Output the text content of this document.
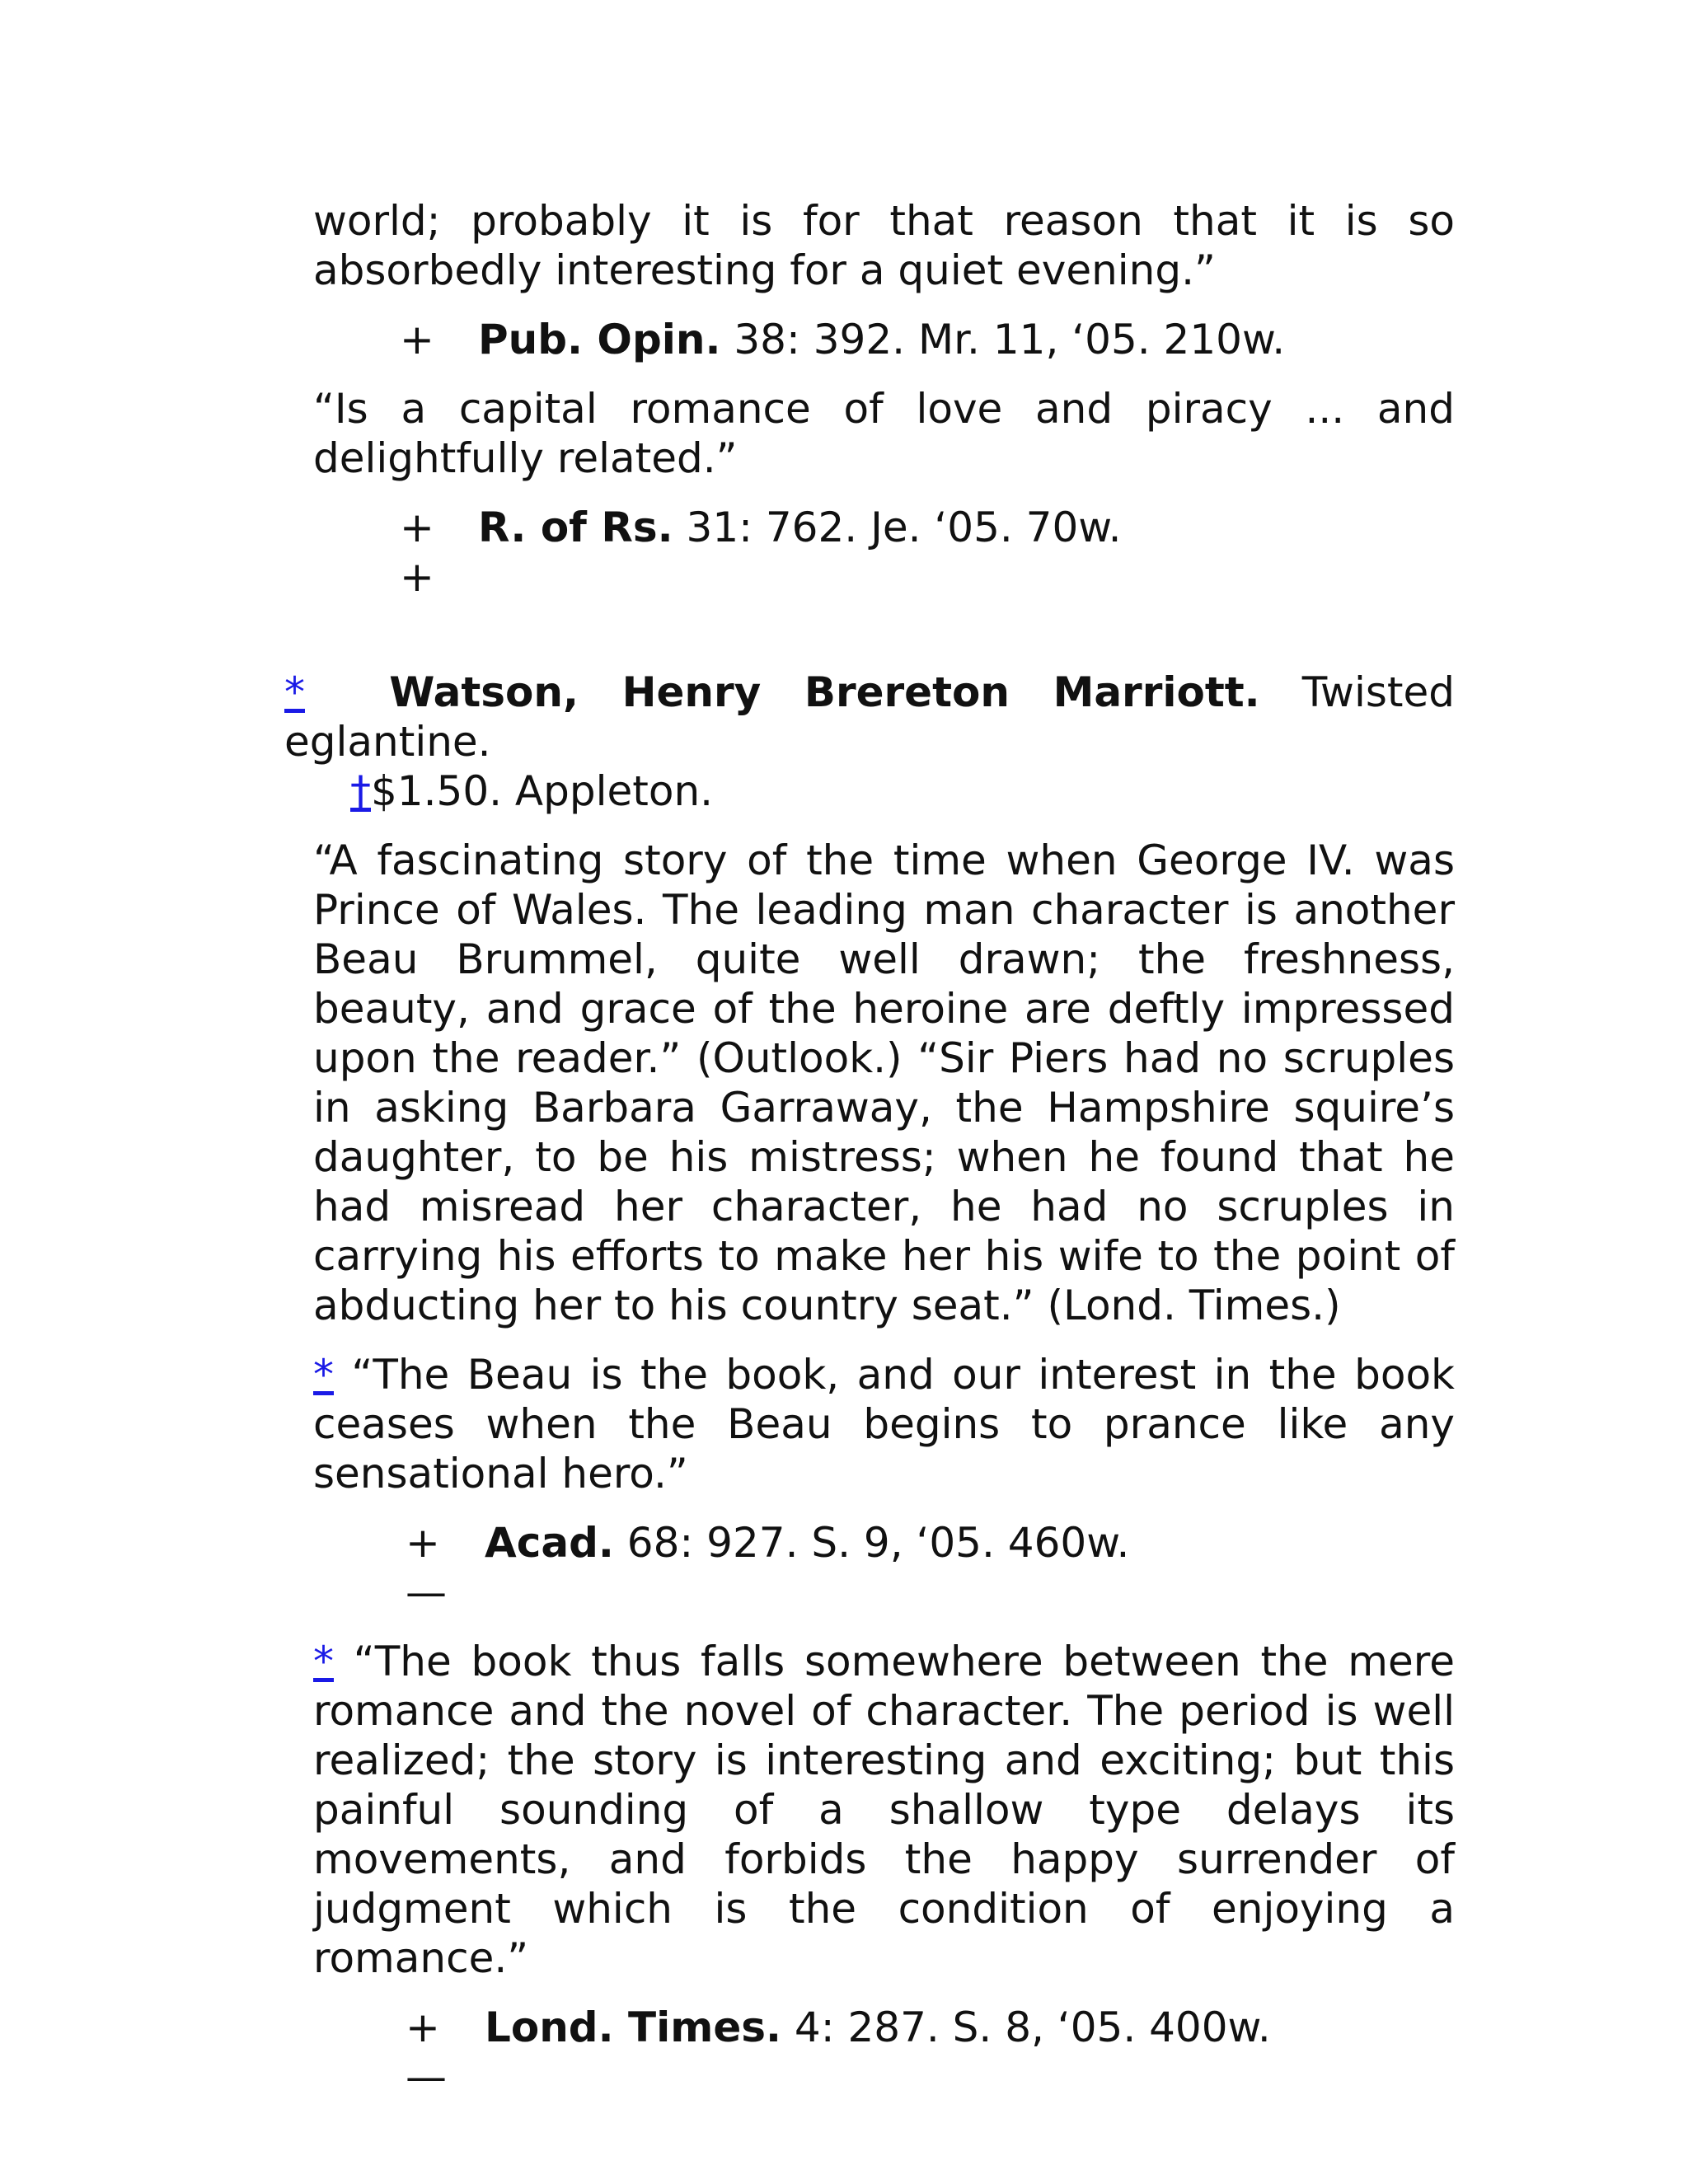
world; probably it is for that reason that it is so absorbedly interesting for a quiet evening.”

+ Pub. Opin. 38: 392. Mr. 11, ‘05. 210w.

“Is a capital romance of love and piracy ... and delightfully related.”

+ R. of Rs. 31: 762. Je. ‘05. 70w.
+
* Watson, Henry Brereton Marriott. Twisted eglantine.
†$1.50. Appleton.

“A fascinating story of the time when George IV. was Prince of Wales. The leading man character is another Beau Brummel, quite well drawn; the freshness, beauty, and grace of the heroine are deftly impressed upon the reader.” (Outlook.) “Sir Piers had no scruples in asking Barbara Garraway, the Hampshire squire’s daughter, to be his mistress; when he found that he had misread her character, he had no scruples in carrying his efforts to make her his wife to the point of abducting her to his country seat.” (Lond. Times.)

* “The Beau is the book, and our interest in the book ceases when the Beau begins to prance like any sensational hero.”

+ Acad. 68: 927. S. 9, ‘05. 460w.
—

* “The book thus falls somewhere between the mere romance and the novel of character. The period is well realized; the story is interesting and exciting; but this painful sounding of a shallow type delays its movements, and forbids the happy surrender of judgment which is the condition of enjoying a romance.”

+ Lond. Times. 4: 287. S. 8, ‘05. 400w.
—
